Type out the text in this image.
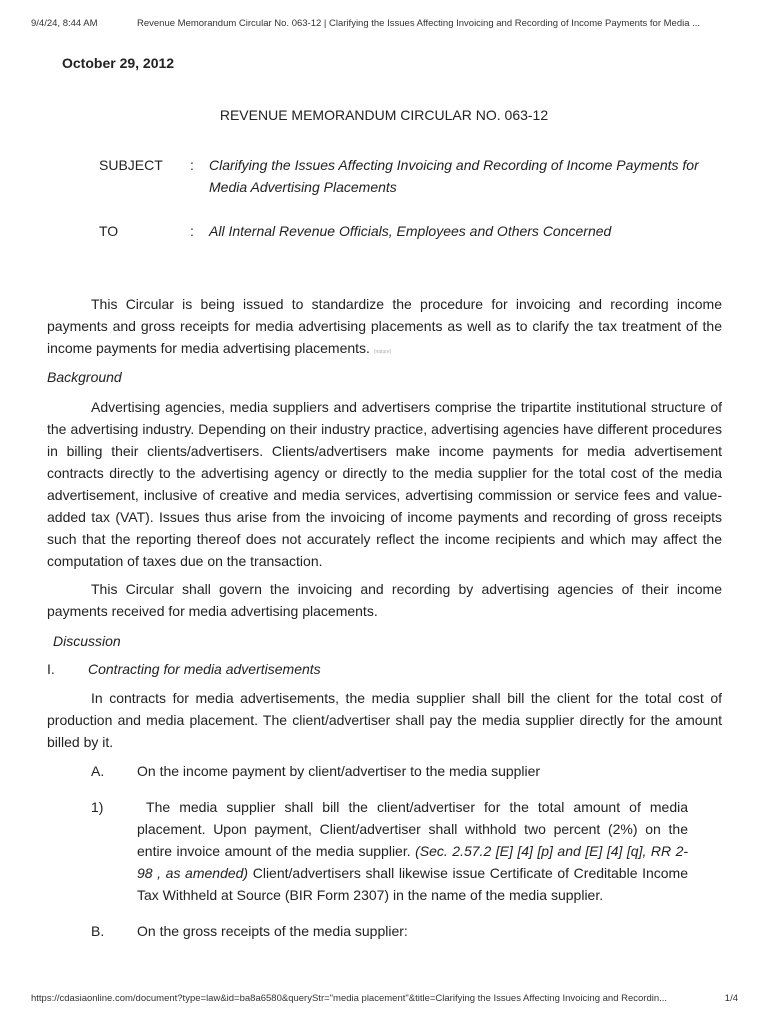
9/4/24, 8:44 AM	Revenue Memorandum Circular No. 063-12 | Clarifying the Issues Affecting Invoicing and Recording of Income Payments for Media ...
October 29, 2012
REVENUE MEMORANDUM CIRCULAR NO. 063-12
SUBJECT : Clarifying the Issues Affecting Invoicing and Recording of Income Payments for Media Advertising Placements
TO	: All Internal Revenue Officials, Employees and Others Concerned
This Circular is being issued to standardize the procedure for invoicing and recording income payments and gross receipts for media advertising placements as well as to clarify the tax treatment of the income payments for media advertising placements. (nature)
Background
Advertising agencies, media suppliers and advertisers comprise the tripartite institutional structure of the advertising industry. Depending on their industry practice, advertising agencies have different procedures in billing their clients/advertisers. Clients/advertisers make income payments for media advertisement contracts directly to the advertising agency or directly to the media supplier for the total cost of the media advertisement, inclusive of creative and media services, advertising commission or service fees and value-added tax (VAT). Issues thus arise from the invoicing of income payments and recording of gross receipts such that the reporting thereof does not accurately reflect the income recipients and which may affect the computation of taxes due on the transaction.
This Circular shall govern the invoicing and recording by advertising agencies of their income payments received for media advertising placements.
Discussion
I. Contracting for media advertisements
In contracts for media advertisements, the media supplier shall bill the client for the total cost of production and media placement. The client/advertiser shall pay the media supplier directly for the amount billed by it.
A. On the income payment by client/advertiser to the media supplier
1)	The media supplier shall bill the client/advertiser for the total amount of media placement. Upon payment, Client/advertiser shall withhold two percent (2%) on the entire invoice amount of the media supplier. (Sec. 2.57.2 [E] [4] [p] and [E] [4] [q], RR 2-98 , as amended) Client/advertisers shall likewise issue Certificate of Creditable Income Tax Withheld at Source (BIR Form 2307) in the name of the media supplier.
B. On the gross receipts of the media supplier:
https://cdasiaonline.com/document?type=law&id=ba8a6580&queryStr="media placement"&title=Clarifying the Issues Affecting Invoicing and Recordin...	1/4
